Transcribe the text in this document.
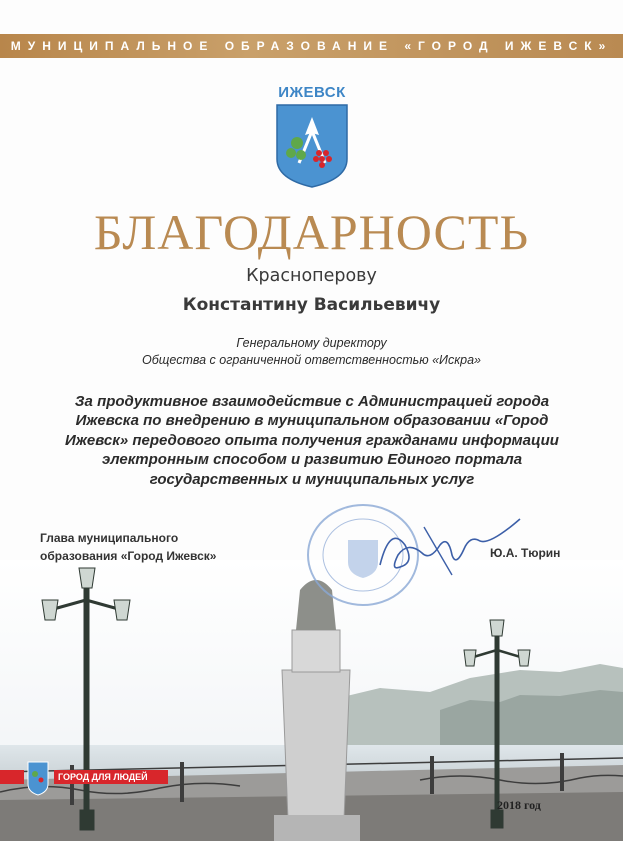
МУНИЦИПАЛЬНОЕ ОБРАЗОВАНИЕ «ГОРОД ИЖЕВСК»
ИЖЕВСК
БЛАГОДАРНОСТЬ
Красноперову
Константину Васильевичу
Генеральному директору
Общества с ограниченной ответственностью «Искра»
За продуктивное взаимодействие с Администрацией города
Ижевска по внедрению в муниципальном образовании «Город
Ижевск» передового опыта получения гражданами информации
электронным способом и развитию Единого портала
государственных и муниципальных услуг
Глава муниципального
образования «Город Ижевск»	Ю.А. Тюрин
ГОРОД ДЛЯ ЛЮДЕЙ
2018 год
